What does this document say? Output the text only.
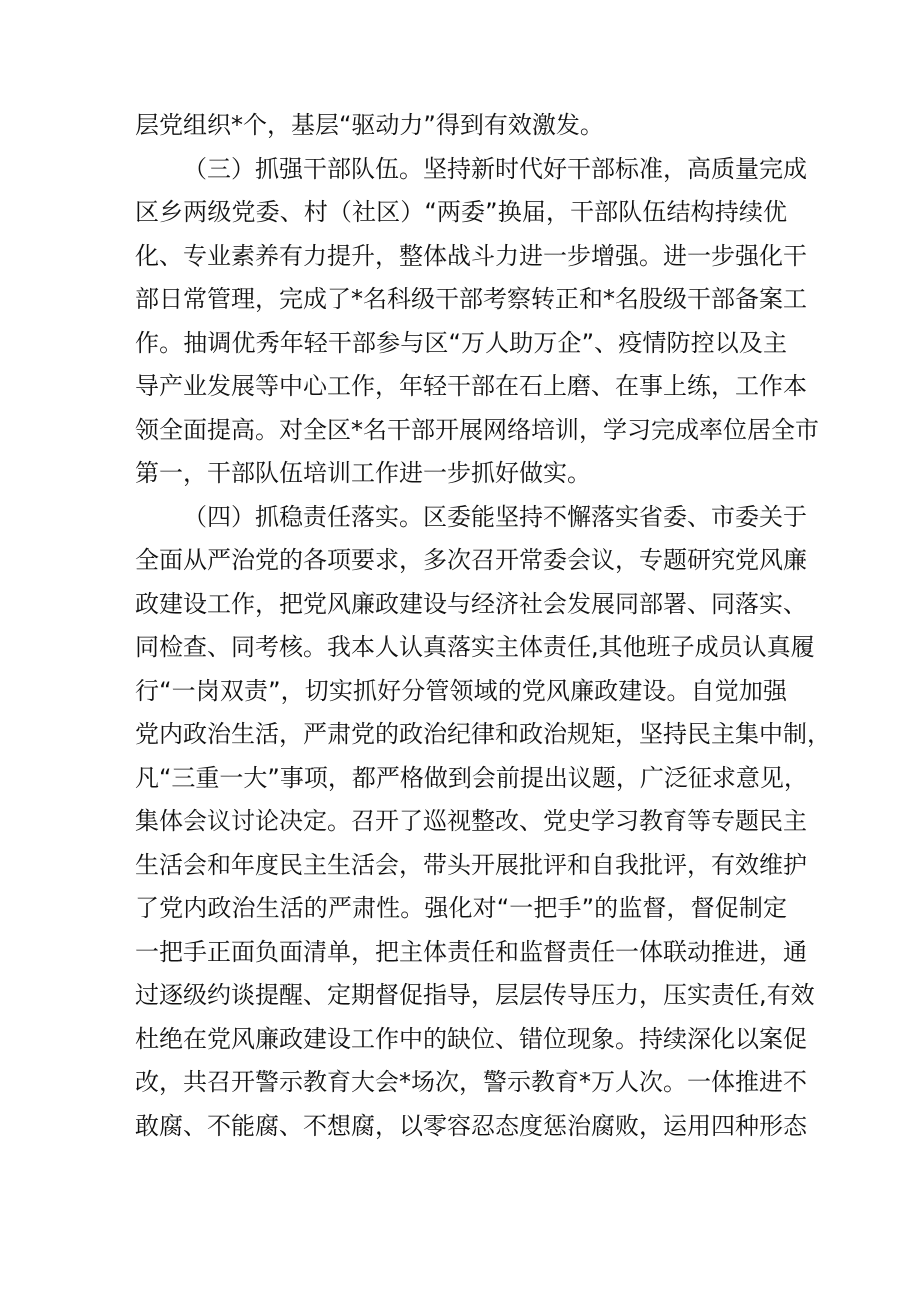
层党组织*个，基层“驱动力”得到有效激发。
（三）抓强干部队伍。坚持新时代好干部标准，高质量完成
区乡两级党委、村（社区）“两委”换届，干部队伍结构持续优
化、专业素养有力提升，整体战斗力进一步增强。进一步强化干
部日常管理，完成了*名科级干部考察转正和*名股级干部备案工
作。抽调优秀年轻干部参与区“万人助万企”、疫情防控以及主
导产业发展等中心工作，年轻干部在石上磨、在事上练，工作本
领全面提高。对全区*名干部开展网络培训，学习完成率位居全市
第一，干部队伍培训工作进一步抓好做实。
（四）抓稳责任落实。区委能坚持不懈落实省委、市委关于
全面从严治党的各项要求，多次召开常委会议，专题研究党风廉
政建设工作，把党风廉政建设与经济社会发展同部署、同落实、
同检查、同考核。我本人认真落实主体责任,其他班子成员认真履
行“一岗双责”，切实抓好分管领域的党风廉政建设。自觉加强
党内政治生活，严肃党的政治纪律和政治规矩，坚持民主集中制，
凡“三重一大”事项，都严格做到会前提出议题，广泛征求意见，
集体会议讨论决定。召开了巡视整改、党史学习教育等专题民主
生活会和年度民主生活会，带头开展批评和自我批评，有效维护
了党内政治生活的严肃性。强化对“一把手”的监督，督促制定
一把手正面负面清单，把主体责任和监督责任一体联动推进，通
过逐级约谈提醒、定期督促指导，层层传导压力，压实责任,有效
杜绝在党风廉政建设工作中的缺位、错位现象。持续深化以案促
改，共召开警示教育大会*场次，警示教育*万人次。一体推进不
敢腐、不能腐、不想腐，以零容忍态度惩治腐败，运用四种形态
